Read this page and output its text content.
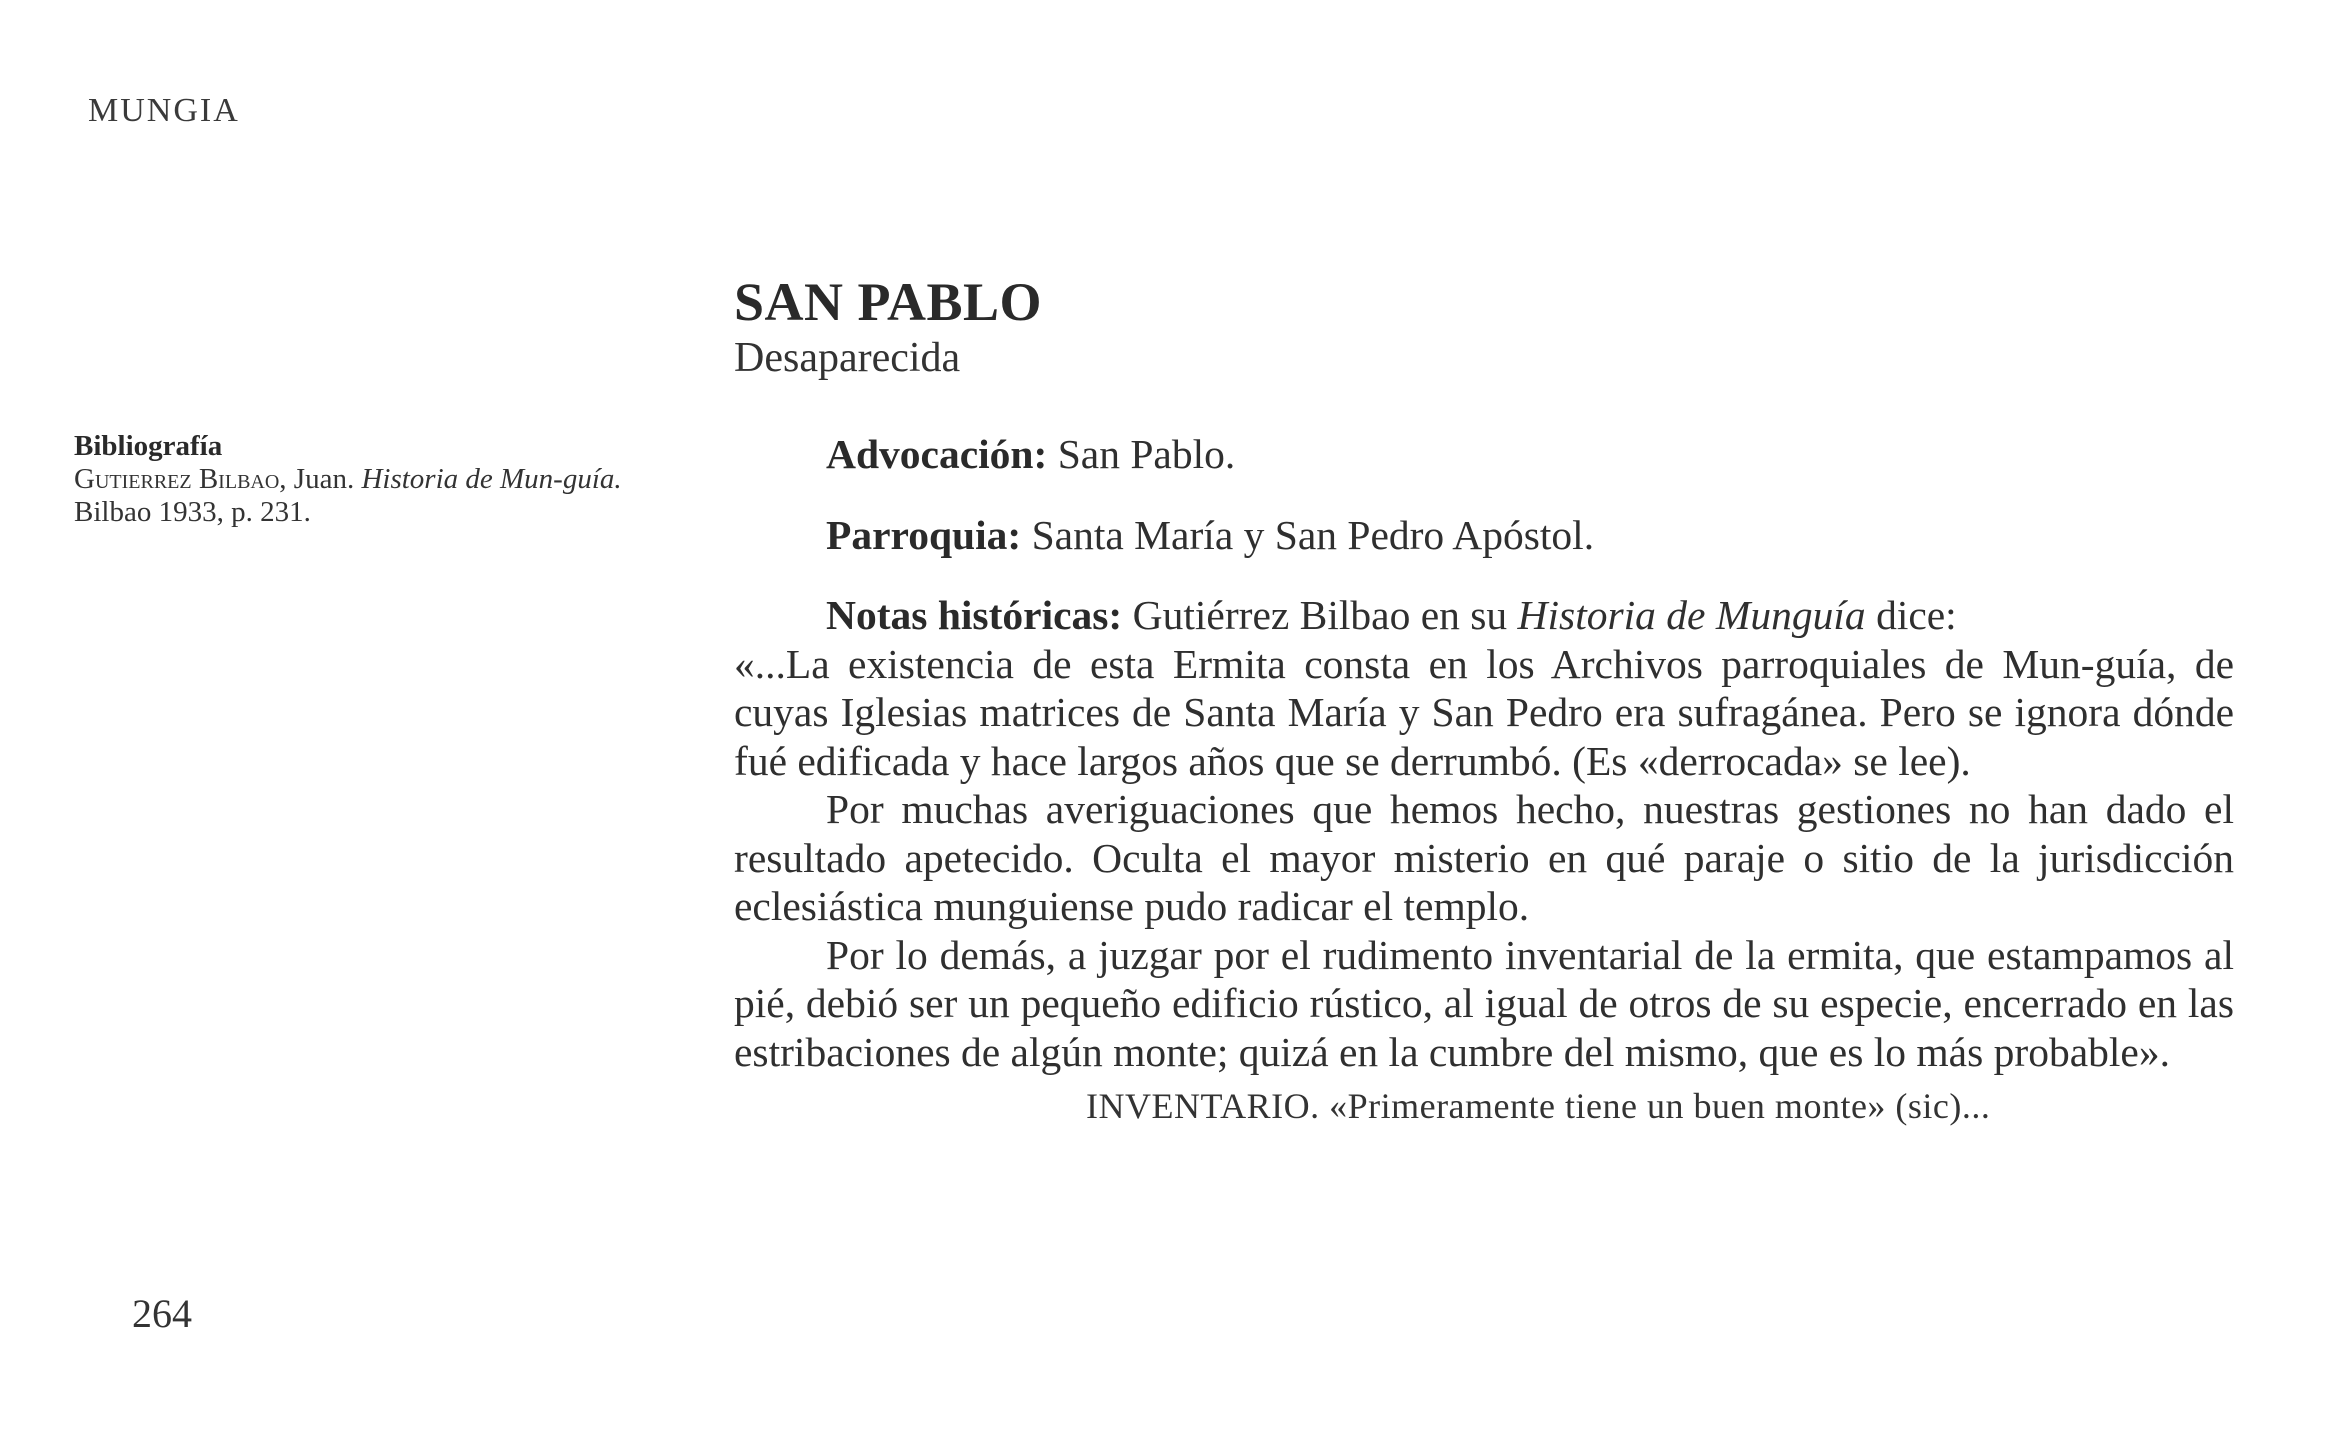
MUNGIA
SAN PABLO
Desaparecida
Bibliografía
Gutierrez Bilbao, Juan. Historia de Mun-guía. Bilbao 1933, p. 231.

Advocación: San Pablo.

Parroquia: Santa María y San Pedro Apóstol.

Notas históricas: Gutiérrez Bilbao en su Historia de Munguía dice:

«...La existencia de esta Ermita consta en los Archivos parroquiales de Mun-guía, de cuyas Iglesias matrices de Santa María y San Pedro era sufragánea. Pero se ignora dónde fué edificada y hace largos años que se derrumbó. (Es «derrocada» se lee).

Por muchas averiguaciones que hemos hecho, nuestras gestiones no han dado el resultado apetecido. Oculta el mayor misterio en qué paraje o sitio de la jurisdicción eclesiástica munguiense pudo radicar el templo.

Por lo demás, a juzgar por el rudimento inventarial de la ermita, que estampamos al pié, debió ser un pequeño edificio rústico, al igual de otros de su especie, encerrado en las estribaciones de algún monte; quizá en la cumbre del mismo, que es lo más probable».

INVENTARIO. «Primeramente tiene un buen monte» (sic)...

264
